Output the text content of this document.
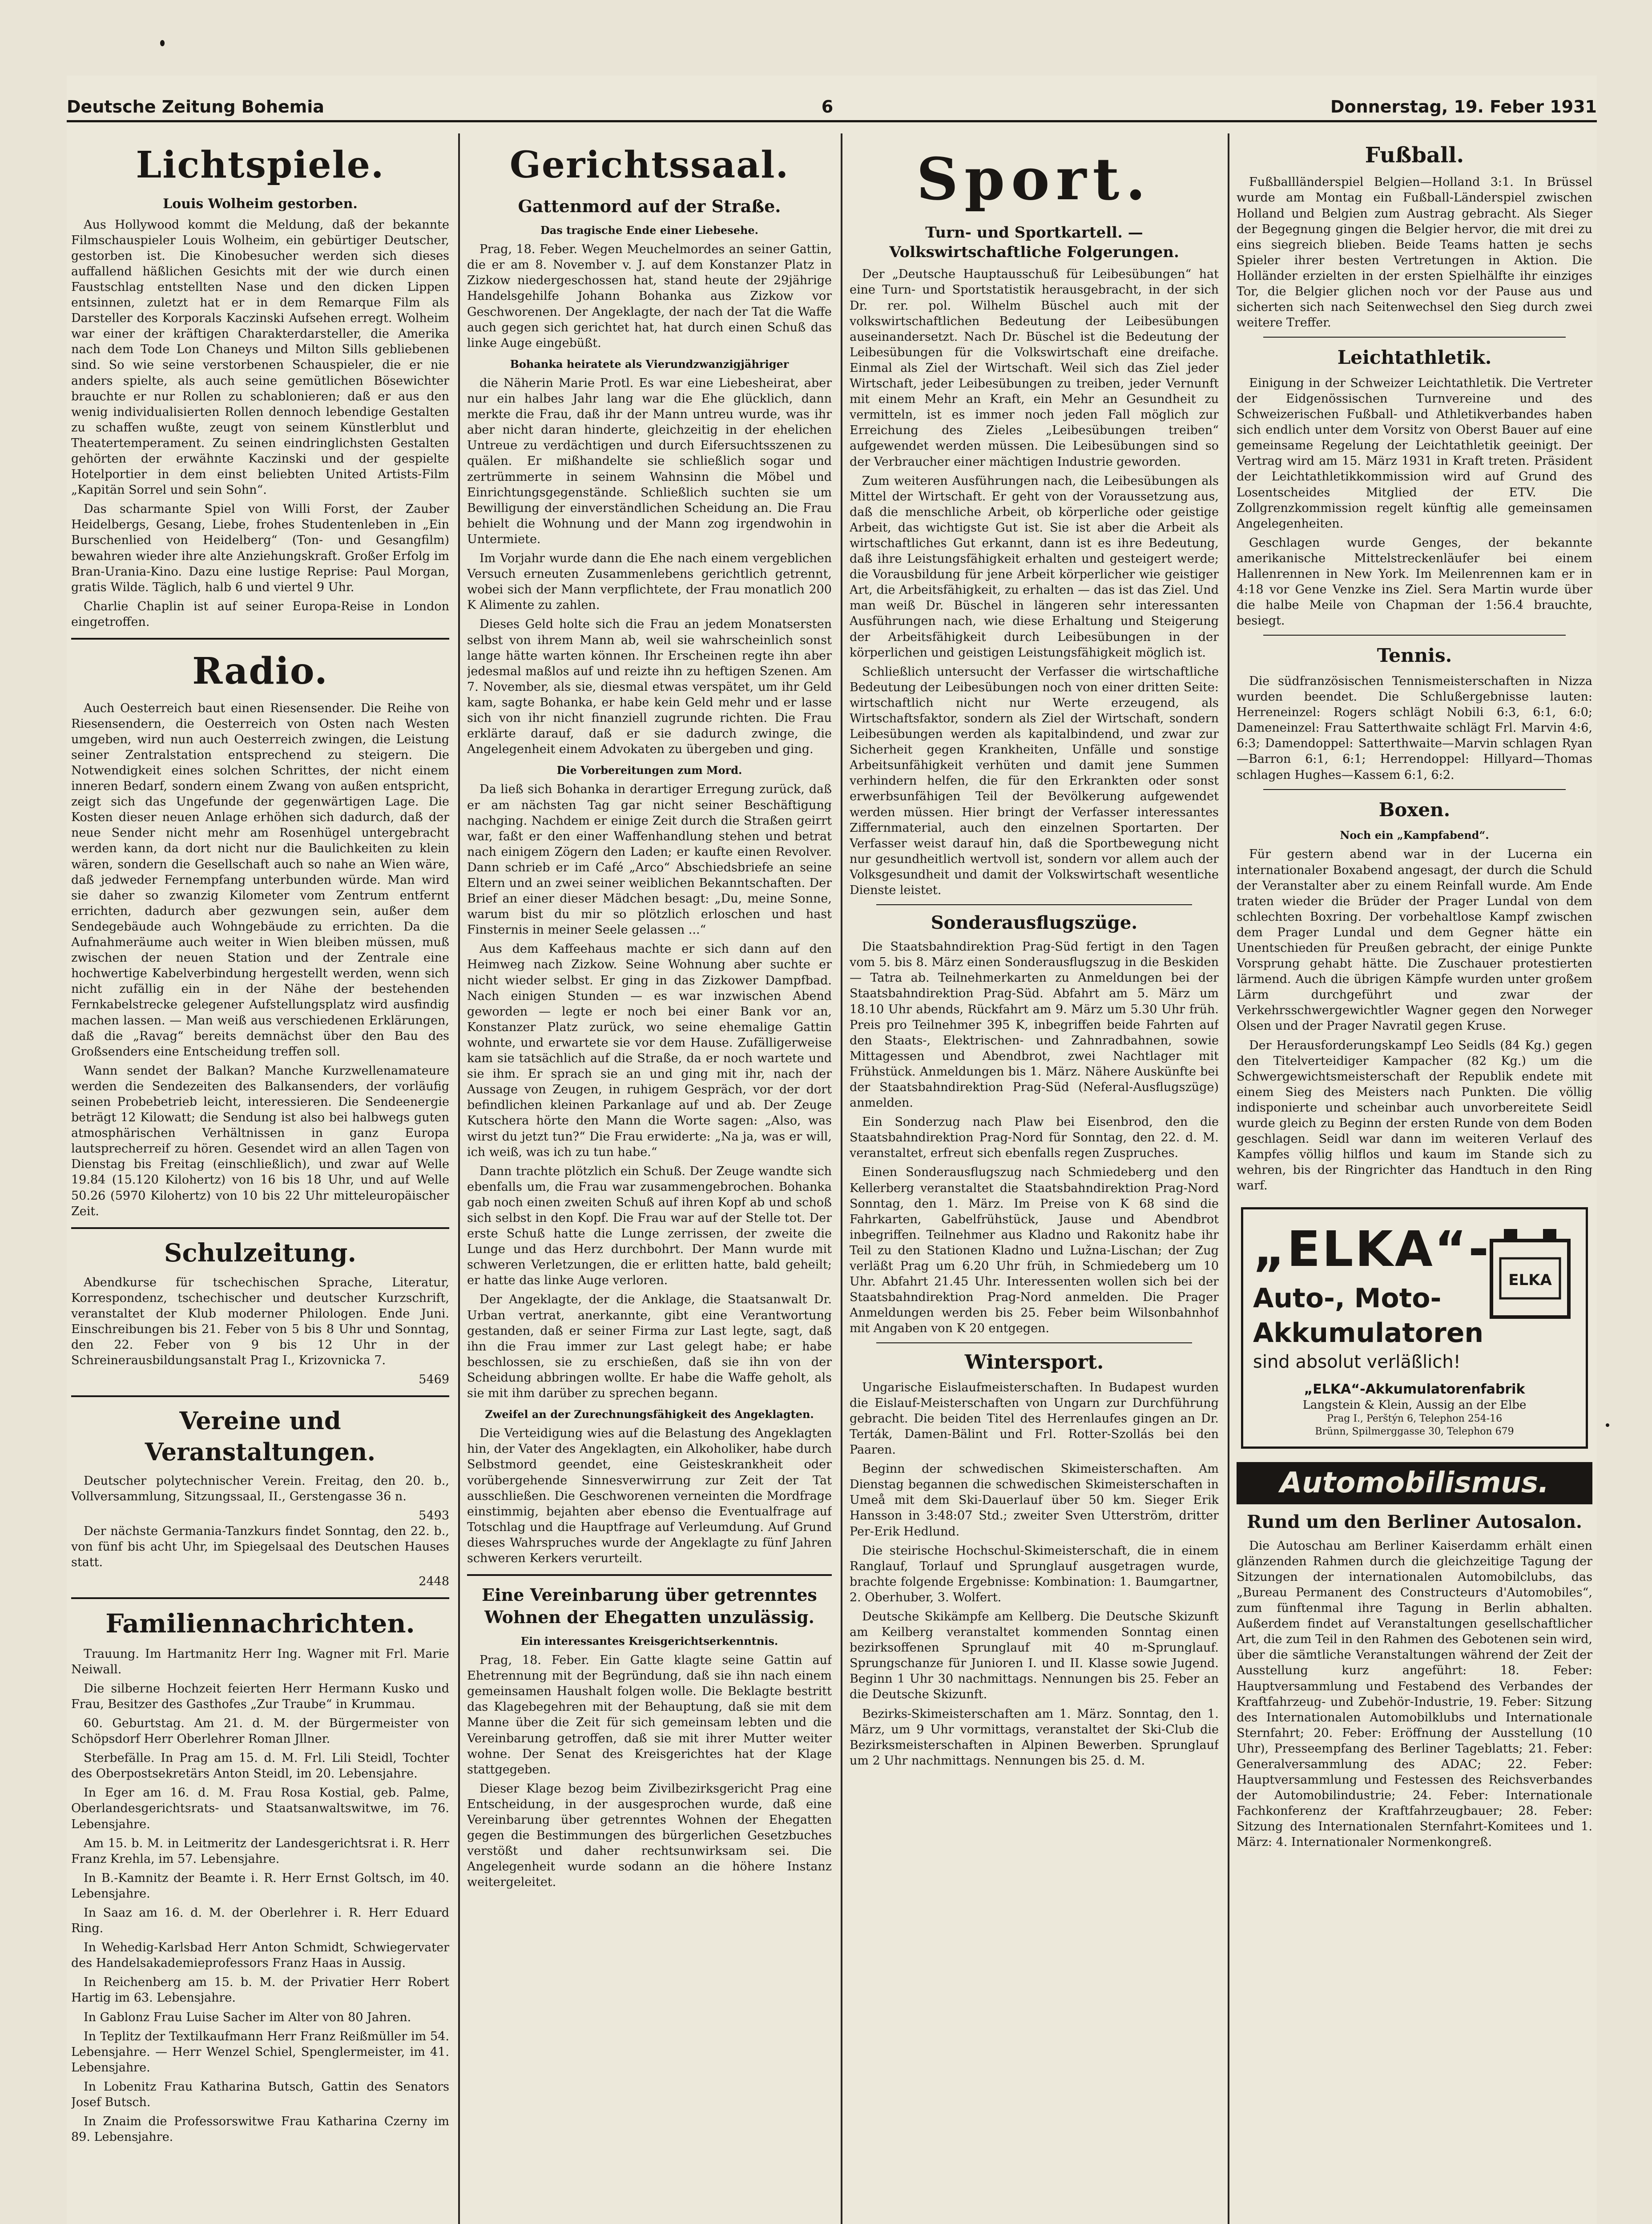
Deutsche Zeitung Bohemia	6	Donnerstag, 19. Feber 1931
Lichtspiele.
Louis Wolheim gestorben.

Aus Hollywood kommt die Meldung, daß der bekannte Filmschauspieler Louis Wolheim, ein gebürtiger Deutscher, gestorben ist. Die Kinobesucher werden sich dieses auffallend häßlichen Gesichts mit der wie durch einen Faustschlag entstellten Nase und den dicken Lippen entsinnen, zuletzt hat er in dem Remarque Film als Darsteller des Korporals Kaczinski Aufsehen erregt. Wolheim war einer der kräftigen Charakterdarsteller, die Amerika nach dem Tode Lon Chaneys und Milton Sills gebliebenen sind. So wie seine verstorbenen Schauspieler, die er nie anders spielte, als auch seine gemütlichen Bösewichter brauchte er nur Rollen zu schablonieren; daß er aus den wenig individualisierten Rollen dennoch lebendige Gestalten zu schaffen wußte, zeugt von seinem Künstlerblut und Theatertemperament. Zu seinen eindringlichsten Gestalten gehörten der erwähnte Kaczinski und der gespielte Hotelportier in dem einst beliebten United Artists-Film „Kapitän Sorrel und sein Sohn“.

Das scharmante Spiel von Willi Forst, der Zauber Heidelbergs, Gesang, Liebe, frohes Studentenleben in „Ein Burschenlied von Heidelberg“ (Ton- und Gesangfilm) bewahren wieder ihre alte Anziehungskraft. Großer Erfolg im Bran-Urania-Kino. Dazu eine lustige Reprise: Paul Morgan, gratis Wilde. Täglich, halb 6 und viertel 9 Uhr.

Charlie Chaplin ist auf seiner Europa-Reise in London eingetroffen.

Radio.

Auch Oesterreich baut einen Riesensender. Die Reihe von Riesensendern, die Oesterreich von Osten nach Westen umgeben, wird nun auch Oesterreich zwingen, die Leistung seiner Zentralstation entsprechend zu steigern. Die Notwendigkeit eines solchen Schrittes, der nicht einem inneren Bedarf, sondern einem Zwang von außen entspricht, zeigt sich das Ungefunde der gegenwärtigen Lage. Die Kosten dieser neuen Anlage erhöhen sich dadurch, daß der neue Sender nicht mehr am Rosenhügel untergebracht werden kann, da dort nicht nur die Baulichkeiten zu klein wären, sondern die Gesellschaft auch so nahe an Wien wäre, daß jedweder Fernempfang unterbunden würde. Man wird sie daher so zwanzig Kilometer vom Zentrum entfernt errichten, dadurch aber gezwungen sein, außer dem Sendegebäude auch Wohngebäude zu errichten. Da die Aufnahmeräume auch weiter in Wien bleiben müssen, muß zwischen der neuen Station und der Zentrale eine hochwertige Kabelverbindung hergestellt werden, wenn sich nicht zufällig ein in der Nähe der bestehenden Fernkabelstrecke gelegener Aufstellungsplatz wird ausfindig machen lassen. — Man weiß aus verschiedenen Erklärungen, daß die „Ravag“ bereits demnächst über den Bau des Großsenders eine Entscheidung treffen soll.

Wann sendet der Balkan? Manche Kurzwellenamateure werden die Sendezeiten des Balkansenders, der vorläufig seinen Probebetrieb leicht, interessieren. Die Sendeenergie beträgt 12 Kilowatt; die Sendung ist also bei halbwegs guten atmosphärischen Verhältnissen in ganz Europa lautsprecherreif zu hören. Gesendet wird an allen Tagen von Dienstag bis Freitag (einschließlich), und zwar auf Welle 19.84 (15.120 Kilohertz) von 16 bis 18 Uhr, und auf Welle 50.26 (5970 Kilohertz) von 10 bis 22 Uhr mitteleuropäischer Zeit.

Schulzeitung.

Abendkurse für tschechischen Sprache, Literatur, Korrespondenz, tschechischer und deutscher Kurzschrift, veranstaltet der Klub moderner Philologen. Ende Juni. Einschreibungen bis 21. Feber von 5 bis 8 Uhr und Sonntag, den 22. Feber von 9 bis 12 Uhr in der Schreinerausbildungsanstalt Prag I., Krizovnicka 7.

5469
Vereine und Veranstaltungen.

Deutscher polytechnischer Verein. Freitag, den 20. b., Vollversammlung, Sitzungssaal, II., Gerstengasse 36 n.

5493

Der nächste Germania-Tanzkurs findet Sonntag, den 22. b., von fünf bis acht Uhr, im Spiegelsaal des Deutschen Hauses statt.

2448
Familiennachrichten.

Trauung. Im Hartmanitz Herr Ing. Wagner mit Frl. Marie Neiwall.

Die silberne Hochzeit feierten Herr Hermann Kusko und Frau, Besitzer des Gasthofes „Zur Traube“ in Krummau.

60. Geburtstag. Am 21. d. M. der Bürgermeister von Schöpsdorf Herr Oberlehrer Roman Jllner.

Sterbefälle. In Prag am 15. d. M. Frl. Lili Steidl, Tochter des Oberpostsekretärs Anton Steidl, im 20. Lebensjahre.

In Eger am 16. d. M. Frau Rosa Kostial, geb. Palme, Oberlandesgerichtsrats- und Staatsanwaltswitwe, im 76. Lebensjahre.

Am 15. b. M. in Leitmeritz der Landesgerichtsrat i. R. Herr Franz Krehla, im 57. Lebensjahre.

In B.-Kamnitz der Beamte i. R. Herr Ernst Goltsch, im 40. Lebensjahre.

In Saaz am 16. d. M. der Oberlehrer i. R. Herr Eduard Ring.

In Wehedig-Karlsbad Herr Anton Schmidt, Schwiegervater des Handelsakademieprofessors Franz Haas in Aussig.

In Reichenberg am 15. b. M. der Privatier Herr Robert Hartig im 63. Lebensjahre.

In Gablonz Frau Luise Sacher im Alter von 80 Jahren.

In Teplitz der Textilkaufmann Herr Franz Reißmüller im 54. Lebensjahre. — Herr Wenzel Schiel, Spenglermeister, im 41. Lebensjahre.

In Lobenitz Frau Katharina Butsch, Gattin des Senators Josef Butsch.

In Znaim die Professorswitwe Frau Katharina Czerny im 89. Lebensjahre.

Gerichtssaal.
Gattenmord auf der Straße.
Das tragische Ende einer Liebesehe.

Prag, 18. Feber. Wegen Meuchelmordes an seiner Gattin, die er am 8. November v. J. auf dem Konstanzer Platz in Zizkow niedergeschossen hat, stand heute der 29jährige Handelsgehilfe Johann Bohanka aus Zizkow vor Geschworenen. Der Angeklagte, der nach der Tat die Waffe auch gegen sich gerichtet hat, hat durch einen Schuß das linke Auge eingebüßt.

Bohanka heiratete als Vierundzwanzigjähriger

die Näherin Marie Protl. Es war eine Liebesheirat, aber nur ein halbes Jahr lang war die Ehe glücklich, dann merkte die Frau, daß ihr der Mann untreu wurde, was ihr aber nicht daran hinderte, gleichzeitig in der ehelichen Untreue zu verdächtigen und durch Eifersuchtsszenen zu quälen. Er mißhandelte sie schließlich sogar und zertrümmerte in seinem Wahnsinn die Möbel und Einrichtungsgegenstände. Schließlich suchten sie um Bewilligung der einverständlichen Scheidung an. Die Frau behielt die Wohnung und der Mann zog irgendwohin in Untermiete.

Im Vorjahr wurde dann die Ehe nach einem vergeblichen Versuch erneuten Zusammenlebens gerichtlich getrennt, wobei sich der Mann verpflichtete, der Frau monatlich 200 K Alimente zu zahlen.

Dieses Geld holte sich die Frau an jedem Monatsersten selbst von ihrem Mann ab, weil sie wahrscheinlich sonst lange hätte warten können. Ihr Erscheinen regte ihn aber jedesmal maßlos auf und reizte ihn zu heftigen Szenen. Am 7. November, als sie, diesmal etwas verspätet, um ihr Geld kam, sagte Bohanka, er habe kein Geld mehr und er lasse sich von ihr nicht finanziell zugrunde richten. Die Frau erklärte darauf, daß er sie dadurch zwinge, die Angelegenheit einem Advokaten zu übergeben und ging.

Die Vorbereitungen zum Mord.

Da ließ sich Bohanka in derartiger Erregung zurück, daß er am nächsten Tag gar nicht seiner Beschäftigung nachging. Nachdem er einige Zeit durch die Straßen geirrt war, faßt er den einer Waffenhandlung stehen und betrat nach einigem Zögern den Laden; er kaufte einen Revolver. Dann schrieb er im Café „Arco“ Abschiedsbriefe an seine Eltern und an zwei seiner weiblichen Bekanntschaften. Der Brief an einer dieser Mädchen besagt: „Du, meine Sonne, warum bist du mir so plötzlich erloschen und hast Finsternis in meiner Seele gelassen ...“

Aus dem Kaffeehaus machte er sich dann auf den Heimweg nach Zizkow. Seine Wohnung aber suchte er nicht wieder selbst. Er ging in das Zizkower Dampfbad. Nach einigen Stunden — es war inzwischen Abend geworden — legte er noch bei einer Bank vor an, Konstanzer Platz zurück, wo seine ehemalige Gattin wohnte, und erwartete sie vor dem Hause. Zufälligerweise kam sie tatsächlich auf die Straße, da er noch wartete und sie ihm. Er sprach sie an und ging mit ihr, nach der Aussage von Zeugen, in ruhigem Gespräch, vor der dort befindlichen kleinen Parkanlage auf und ab. Der Zeuge Kutschera hörte den Mann die Worte sagen: „Also, was wirst du jetzt tun?“ Die Frau erwiderte: „Na ja, was er will, ich weiß, was ich zu tun habe.“

Dann trachte plötzlich ein Schuß. Der Zeuge wandte sich ebenfalls um, die Frau war zusammengebrochen. Bohanka gab noch einen zweiten Schuß auf ihren Kopf ab und schoß sich selbst in den Kopf. Die Frau war auf der Stelle tot. Der erste Schuß hatte die Lunge zerrissen, der zweite die Lunge und das Herz durchbohrt. Der Mann wurde mit schweren Verletzungen, die er erlitten hatte, bald geheilt; er hatte das linke Auge verloren.

Der Angeklagte, der die Anklage, die Staatsanwalt Dr. Urban vertrat, anerkannte, gibt eine Verantwortung gestanden, daß er seiner Firma zur Last legte, sagt, daß ihn die Frau immer zur Last gelegt habe; er habe beschlossen, sie zu erschießen, daß sie ihn von der Scheidung abbringen wollte. Er habe die Waffe geholt, als sie mit ihm darüber zu sprechen begann.

Zweifel an der Zurechnungsfähigkeit des Angeklagten.

Die Verteidigung wies auf die Belastung des Angeklagten hin, der Vater des Angeklagten, ein Alkoholiker, habe durch Selbstmord geendet, eine Geisteskrankheit oder vorübergehende Sinnesverwirrung zur Zeit der Tat ausschließen. Die Geschworenen verneinten die Mordfrage einstimmig, bejahten aber ebenso die Eventualfrage auf Totschlag und die Hauptfrage auf Verleumdung. Auf Grund dieses Wahrspruches wurde der Angeklagte zu fünf Jahren schweren Kerkers verurteilt.

Eine Vereinbarung über getrenntes Wohnen der Ehegatten unzulässig.
Ein interessantes Kreisgerichtserkenntnis.

Prag, 18. Feber. Ein Gatte klagte seine Gattin auf Ehetrennung mit der Begründung, daß sie ihn nach einem gemeinsamen Haushalt folgen wolle. Die Beklagte bestritt das Klagebegehren mit der Behauptung, daß sie mit dem Manne über die Zeit für sich gemeinsam lebten und die Vereinbarung getroffen, daß sie mit ihrer Mutter weiter wohne. Der Senat des Kreisgerichtes hat der Klage stattgegeben.

Dieser Klage bezog beim Zivilbezirksgericht Prag eine Entscheidung, in der ausgesprochen wurde, daß eine Vereinbarung über getrenntes Wohnen der Ehegatten gegen die Bestimmungen des bürgerlichen Gesetzbuches verstößt und daher rechtsunwirksam sei. Die Angelegenheit wurde sodann an die höhere Instanz weitergeleitet.

Sport.
Turn- und Sportkartell. — Volkswirtschaftliche Folgerungen.

Der „Deutsche Hauptausschuß für Leibesübungen“ hat eine Turn- und Sportstatistik herausgebracht, in der sich Dr. rer. pol. Wilhelm Büschel auch mit der volkswirtschaftlichen Bedeutung der Leibesübungen auseinandersetzt. Nach Dr. Büschel ist die Bedeutung der Leibesübungen für die Volkswirtschaft eine dreifache. Einmal als Ziel der Wirtschaft. Weil sich das Ziel jeder Wirtschaft, jeder Leibesübungen zu treiben, jeder Vernunft mit einem Mehr an Kraft, ein Mehr an Gesundheit zu vermitteln, ist es immer noch jeden Fall möglich zur Erreichung des Zieles „Leibesübungen treiben“ aufgewendet werden müssen. Die Leibesübungen sind so der Verbraucher einer mächtigen Industrie geworden.

Zum weiteren Ausführungen nach, die Leibesübungen als Mittel der Wirtschaft. Er geht von der Voraussetzung aus, daß die menschliche Arbeit, ob körperliche oder geistige Arbeit, das wichtigste Gut ist. Sie ist aber die Arbeit als wirtschaftliches Gut erkannt, dann ist es ihre Bedeutung, daß ihre Leistungsfähigkeit erhalten und gesteigert werde; die Vorausbildung für jene Arbeit körperlicher wie geistiger Art, die Arbeitsfähigkeit, zu erhalten — das ist das Ziel. Und man weiß Dr. Büschel in längeren sehr interessanten Ausführungen nach, wie diese Erhaltung und Steigerung der Arbeitsfähigkeit durch Leibesübungen in der körperlichen und geistigen Leistungsfähigkeit möglich ist.

Schließlich untersucht der Verfasser die wirtschaftliche Bedeutung der Leibesübungen noch von einer dritten Seite: wirtschaftlich nicht nur Werte erzeugend, als Wirtschaftsfaktor, sondern als Ziel der Wirtschaft, sondern Leibesübungen werden als kapitalbindend, und zwar zur Sicherheit gegen Krankheiten, Unfälle und sonstige Arbeitsunfähigkeit verhüten und damit jene Summen verhindern helfen, die für den Erkrankten oder sonst erwerbsunfähigen Teil der Bevölkerung aufgewendet werden müssen. Hier bringt der Verfasser interessantes Ziffernmaterial, auch den einzelnen Sportarten. Der Verfasser weist darauf hin, daß die Sportbewegung nicht nur gesundheitlich wertvoll ist, sondern vor allem auch der Volksgesundheit und damit der Volkswirtschaft wesentliche Dienste leistet.

Sonderausflugszüge.

Die Staatsbahndirektion Prag-Süd fertigt in den Tagen vom 5. bis 8. März einen Sonderausflugszug in die Beskiden — Tatra ab. Teilnehmerkarten zu Anmeldungen bei der Staatsbahndirektion Prag-Süd. Abfahrt am 5. März um 18.10 Uhr abends, Rückfahrt am 9. März um 5.30 Uhr früh. Preis pro Teilnehmer 395 K, inbegriffen beide Fahrten auf den Staats-, Elektrischen- und Zahnradbahnen, sowie Mittagessen und Abendbrot, zwei Nachtlager mit Frühstück. Anmeldungen bis 1. März. Nähere Auskünfte bei der Staatsbahndirektion Prag-Süd (Neferal-Ausflugszüge) anmelden.

Ein Sonderzug nach Plaw bei Eisenbrod, den die Staatsbahndirektion Prag-Nord für Sonntag, den 22. d. M. veranstaltet, erfreut sich ebenfalls regen Zuspruches.

Einen Sonderausflugszug nach Schmiedeberg und den Kellerberg veranstaltet die Staatsbahndirektion Prag-Nord Sonntag, den 1. März. Im Preise von K 68 sind die Fahrkarten, Gabelfrühstück, Jause und Abendbrot inbegriffen. Teilnehmer aus Kladno und Rakonitz habe ihr Teil zu den Stationen Kladno und Lužna-Lischan; der Zug verläßt Prag um 6.20 Uhr früh, in Schmiedeberg um 10 Uhr. Abfahrt 21.45 Uhr. Interessenten wollen sich bei der Staatsbahndirektion Prag-Nord anmelden. Die Prager Anmeldungen werden bis 25. Feber beim Wilsonbahnhof mit Angaben von K 20 entgegen.

Wintersport.

Ungarische Eislaufmeisterschaften. In Budapest wurden die Eislauf-Meisterschaften von Ungarn zur Durchführung gebracht. Die beiden Titel des Herrenlaufes gingen an Dr. Terták, Damen-Bälint und Frl. Rotter-Szollás bei den Paaren.

Beginn der schwedischen Skimeisterschaften. Am Dienstag begannen die schwedischen Skimeisterschaften in Umeå mit dem Ski-Dauerlauf über 50 km. Sieger Erik Hansson in 3:48:07 Std.; zweiter Sven Utterström, dritter Per-Erik Hedlund.

Die steirische Hochschul-Skimeisterschaft, die in einem Ranglauf, Torlauf und Sprunglauf ausgetragen wurde, brachte folgende Ergebnisse: Kombination: 1. Baumgartner, 2. Oberhuber, 3. Wolfert.

Deutsche Skikämpfe am Kellberg. Die Deutsche Skizunft am Keilberg veranstaltet kommenden Sonntag einen bezirksoffenen Sprunglauf mit 40 m-Sprunglauf. Sprungschanze für Junioren I. und II. Klasse sowie Jugend. Beginn 1 Uhr 30 nachmittags. Nennungen bis 25. Feber an die Deutsche Skizunft.

Bezirks-Skimeisterschaften am 1. März. Sonntag, den 1. März, um 9 Uhr vormittags, veranstaltet der Ski-Club die Bezirksmeisterschaften in Alpinen Bewerben. Sprunglauf um 2 Uhr nachmittags. Nennungen bis 25. d. M.

Fußball.

Fußballländerspiel Belgien—Holland 3:1. In Brüssel wurde am Montag ein Fußball-Länderspiel zwischen Holland und Belgien zum Austrag gebracht. Als Sieger der Begegnung gingen die Belgier hervor, die mit drei zu eins siegreich blieben. Beide Teams hatten je sechs Spieler ihrer besten Vertretungen in Aktion. Die Holländer erzielten in der ersten Spielhälfte ihr einziges Tor, die Belgier glichen noch vor der Pause aus und sicherten sich nach Seitenwechsel den Sieg durch zwei weitere Treffer.

Leichtathletik.

Einigung in der Schweizer Leichtathletik. Die Vertreter der Eidgenössischen Turnvereine und des Schweizerischen Fußball- und Athletikverbandes haben sich endlich unter dem Vorsitz von Oberst Bauer auf eine gemeinsame Regelung der Leichtathletik geeinigt. Der Vertrag wird am 15. März 1931 in Kraft treten. Präsident der Leichtathletikkommission wird auf Grund des Losentscheides Mitglied der ETV. Die Zollgrenzkommission regelt künftig alle gemeinsamen Angelegenheiten.

Geschlagen wurde Genges, der bekannte amerikanische Mittelstreckenläufer bei einem Hallenrennen in New York. Im Meilenrennen kam er in 4:18 vor Gene Venzke ins Ziel. Sera Martin wurde über die halbe Meile von Chapman der 1:56.4 brauchte, besiegt.

Tennis.

Die südfranzösischen Tennismeisterschaften in Nizza wurden beendet. Die Schlußergebnisse lauten: Herreneinzel: Rogers schlägt Nobili 6:3, 6:1, 6:0; Dameneinzel: Frau Satterthwaite schlägt Frl. Marvin 4:6, 6:3; Damendoppel: Satterthwaite—Marvin schlagen Ryan—Barron 6:1, 6:1; Herrendoppel: Hillyard—Thomas schlagen Hughes—Kassem 6:1, 6:2.

Boxen.
Noch ein „Kampfabend“.

Für gestern abend war in der Lucerna ein internationaler Boxabend angesagt, der durch die Schuld der Veranstalter aber zu einem Reinfall wurde. Am Ende traten wieder die Brüder der Prager Lundal von dem schlechten Boxring. Der vorbehaltlose Kampf zwischen dem Prager Lundal und dem Gegner hätte ein Unentschieden für Preußen gebracht, der einige Punkte Vorsprung gehabt hätte. Die Zuschauer protestierten lärmend. Auch die übrigen Kämpfe wurden unter großem Lärm durchgeführt und zwar der Verkehrsschwergewichtler Wagner gegen den Norweger Olsen und der Prager Navratil gegen Kruse.

Der Herausforderungskampf Leo Seidls (84 Kg.) gegen den Titelverteidiger Kampacher (82 Kg.) um die Schwergewichtsmeisterschaft der Republik endete mit einem Sieg des Meisters nach Punkten. Die völlig indisponierte und scheinbar auch unvorbereitete Seidl wurde gleich zu Beginn der ersten Runde von dem Boden geschlagen. Seidl war dann im weiteren Verlauf des Kampfes völlig hilflos und kaum im Stande sich zu wehren, bis der Ringrichter das Handtuch in den Ring warf.

ELKA
„ELKA“-
Auto-, Moto-
Akkumulatoren
sind absolut verläßlich!
„ELKA“-Akkumulatorenfabrik
Langstein & Klein, Aussig an der Elbe
Prag I., Perštýn 6, Telephon 254-16
Brünn, Spilmerggasse 30, Telephon 679
Automobilismus.
Rund um den Berliner Autosalon.

Die Autoschau am Berliner Kaiserdamm erhält einen glänzenden Rahmen durch die gleichzeitige Tagung der Sitzungen der internationalen Automobilclubs, das „Bureau Permanent des Constructeurs d'Automobiles“, zum fünftenmal ihre Tagung in Berlin abhalten. Außerdem findet auf Veranstaltungen gesellschaftlicher Art, die zum Teil in den Rahmen des Gebotenen sein wird, über die sämtliche Veranstaltungen während der Zeit der Ausstellung kurz angeführt: 18. Feber: Hauptversammlung und Festabend des Verbandes der Kraftfahrzeug- und Zubehör-Industrie, 19. Feber: Sitzung des Internationalen Automobilklubs und Internationale Sternfahrt; 20. Feber: Eröffnung der Ausstellung (10 Uhr), Presseempfang des Berliner Tageblatts; 21. Feber: Generalversammlung des ADAC; 22. Feber: Hauptversammlung und Festessen des Reichsverbandes der Automobilindustrie; 24. Feber: Internationale Fachkonferenz der Kraftfahrzeugbauer; 28. Feber: Sitzung des Internationalen Sternfahrt-Komitees und 1. März: 4. Internationaler Normenkongreß.
